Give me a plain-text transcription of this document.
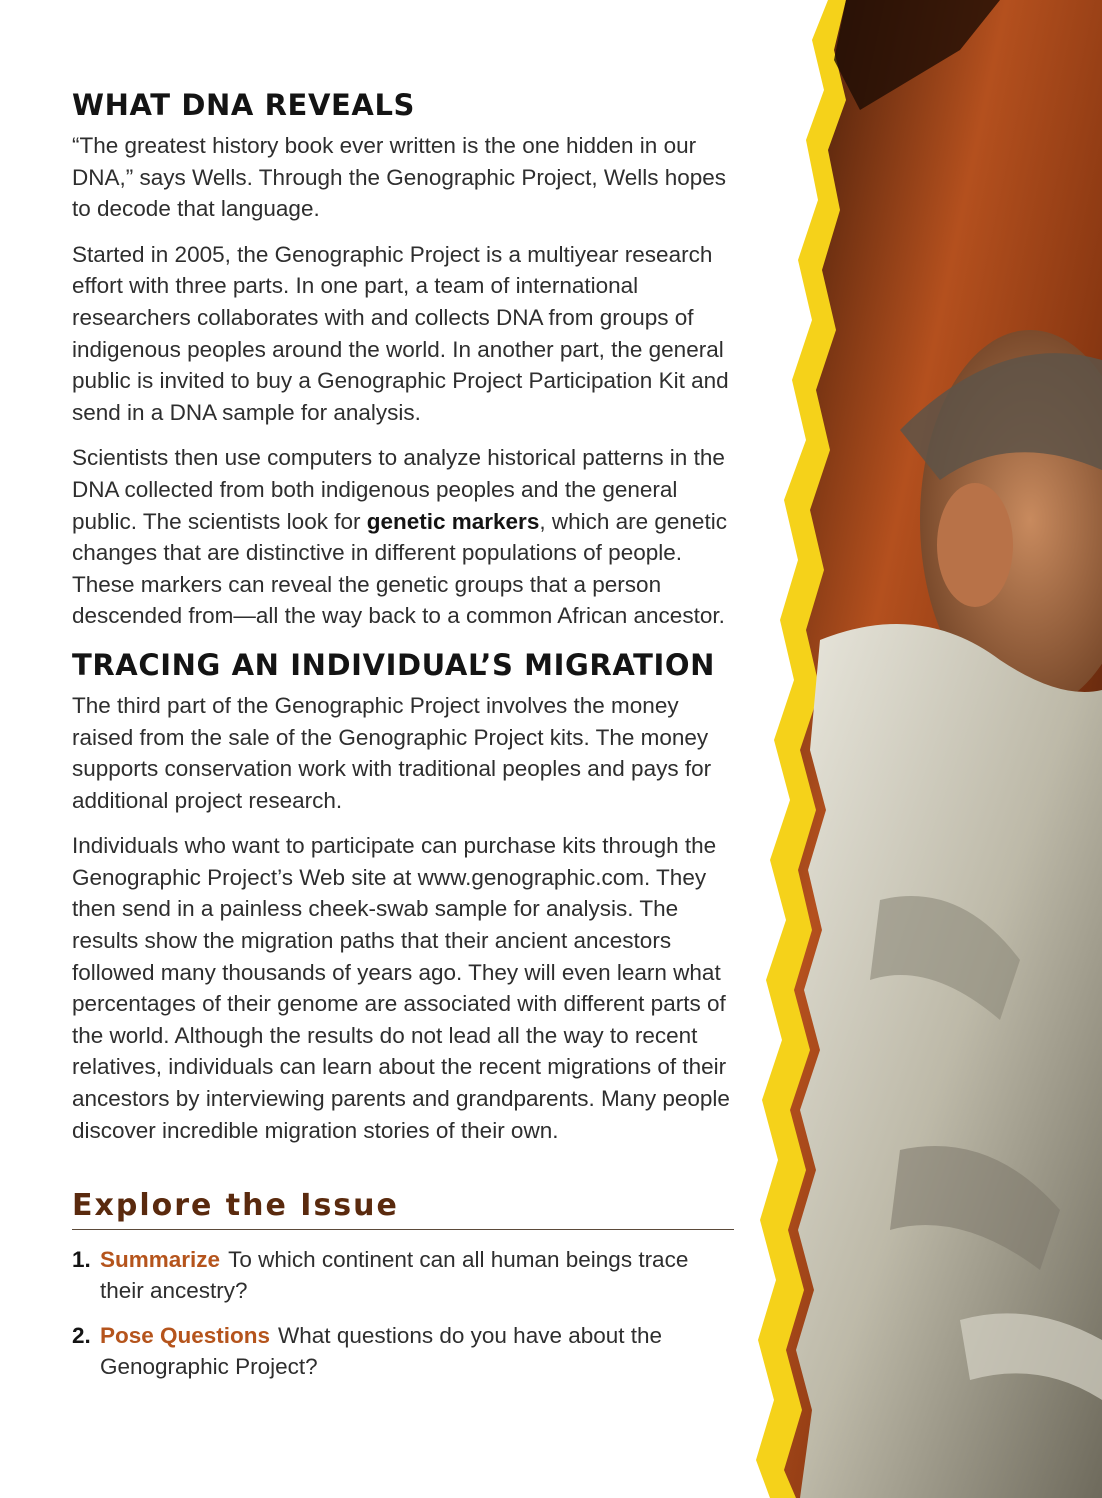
WHAT DNA REVEALS

“The greatest history book ever written is the one hidden in our DNA,” says Wells. Through the Genographic Project, Wells hopes to decode that language.

Started in 2005, the Genographic Project is a multiyear research effort with three parts. In one part, a team of international researchers collaborates with and collects DNA from groups of indigenous peoples around the world. In another part, the general public is invited to buy a Genographic Project Participation Kit and send in a DNA sample for analysis.

Scientists then use computers to analyze historical patterns in the DNA collected from both indigenous peoples and the general public. The scientists look for genetic markers, which are genetic changes that are distinctive in different populations of people. These markers can reveal the genetic groups that a person descended from—all the way back to a common African ancestor.

TRACING AN INDIVIDUAL’S MIGRATION

The third part of the Genographic Project involves the money raised from the sale of the Genographic Project kits. The money supports conservation work with traditional peoples and pays for additional project research.

Individuals who want to participate can purchase kits through the Genographic Project’s Web site at www.genographic.com. They then send in a painless cheek-swab sample for analysis. The results show the migration paths that their ancient ancestors followed many thousands of years ago. They will even learn what percentages of their genome are associated with different parts of the world. Although the results do not lead all the way to recent relatives, individuals can learn about the recent migrations of their ancestors by interviewing parents and grandparents. Many people discover incredible migration stories of their own.

Explore the Issue
1. Summarize To which continent can all human beings trace their ancestry?
2. Pose Questions What questions do you have about the Genographic Project?
